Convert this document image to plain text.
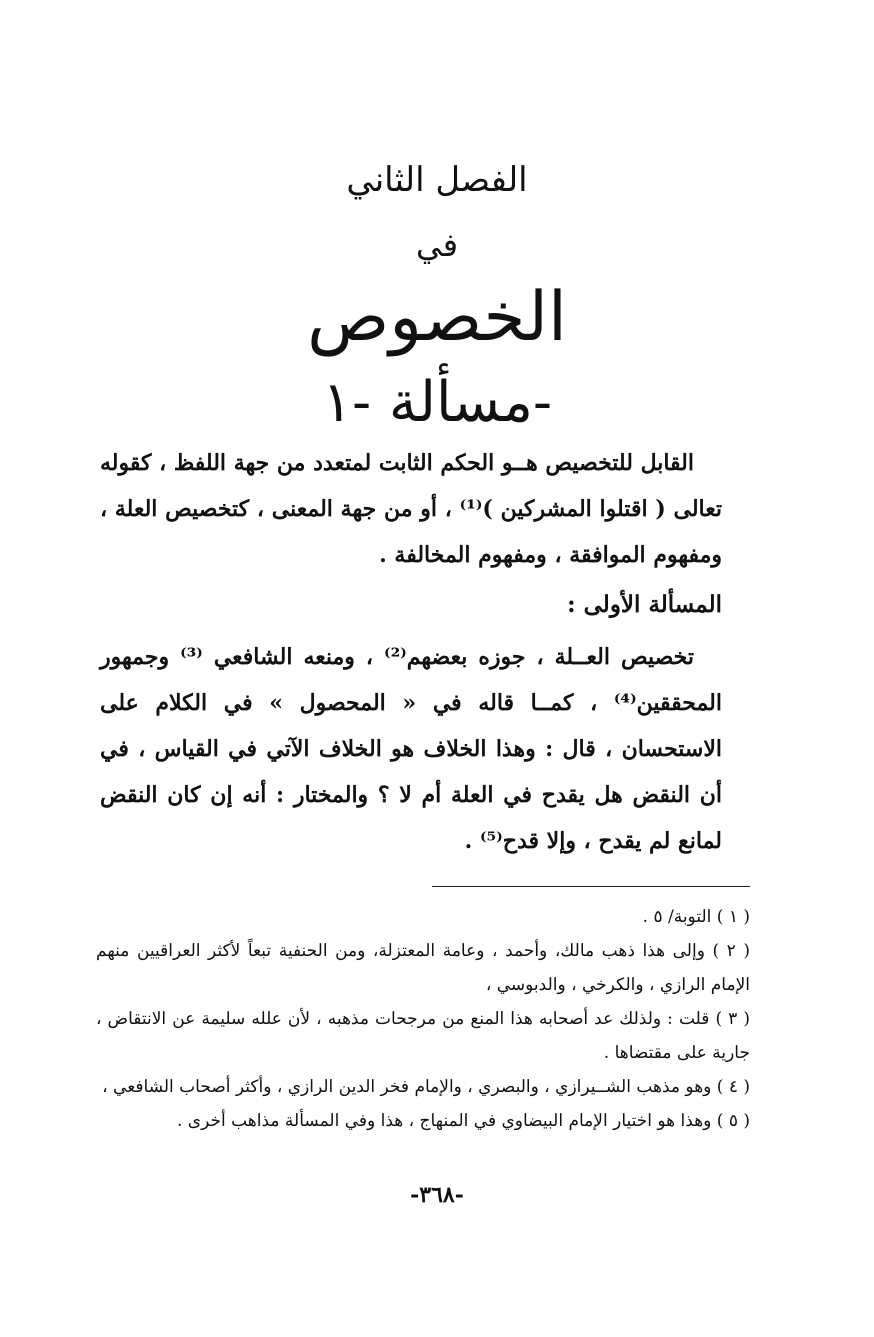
الفصل الثاني
في
الخصوص
مسألة -١-

القابل للتخصيص هــو الحكم الثابت لمتعدد من جهة اللفظ ، كقوله تعالى ( اقتلوا المشركين )⁽¹⁾ ، أو من جهة المعنى ، كتخصيص العلة ، ومفهوم الموافقة ، ومفهوم المخالفة .

المسألة الأولى :

تخصيص العــلة ، جوزه بعضهم⁽²⁾ ، ومنعه الشافعي ⁽³⁾ وجمهور المحققين⁽⁴⁾ ، كمــا قاله في « المحصول » في الكلام على الاستحسان ، قال : وهذا الخلاف هو الخلاف الآتي في القياس ، في أن النقض هل يقدح في العلة أم لا ؟ والمختار : أنه إن كان النقض لمانع لم يقدح ، وإلا قدح⁽⁵⁾ .

( ١ ) التوبة/ ٥ .

( ٢ ) وإلى هذا ذهب مالك، وأحمد ، وعامة المعتزلة، ومن الحنفية تبعاً لأكثر العراقيين منهم الإمام الرازي ، والكرخي ، والدبوسي ،

( ٣ ) قلت : ولذلك عد أصحابه هذا المنع من مرجحات مذهبه ، لأن علله سليمة عن الانتقاض ، جارية على مقتضاها .

( ٤ ) وهو مذهب الشــيرازي ، والبصري ، والإمام فخر الدين الرازي ، وأكثر أصحاب الشافعي ،

( ٥ ) وهذا هو اختيار الإمام البيضاوي في المنهاج ، هذا وفي المسألة مذاهب أخرى .

-٣٦٨-
